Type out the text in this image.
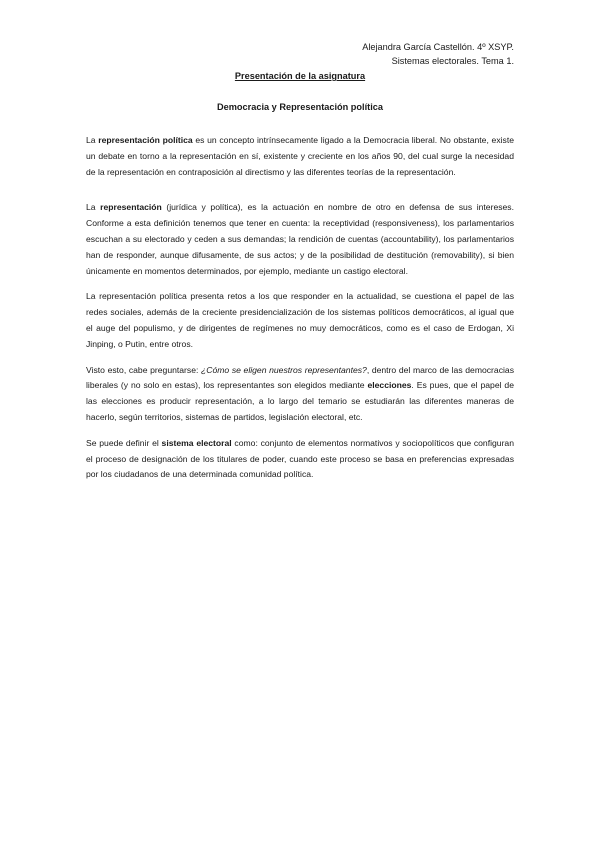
Alejandra García Castellón. 4º XSYP.
Sistemas electorales. Tema 1.
Presentación de la asignatura
Democracia y Representación política

La representación política es un concepto intrínsecamente ligado a la Democracia liberal. No obstante, existe un debate en torno a la representación en sí, existente y creciente en los años 90, del cual surge la necesidad de la representación en contraposición al directismo y las diferentes teorías de la representación.

La representación (jurídica y política), es la actuación en nombre de otro en defensa de sus intereses. Conforme a esta definición tenemos que tener en cuenta: la receptividad (responsiveness), los parlamentarios escuchan a su electorado y ceden a sus demandas; la rendición de cuentas (accountability), los parlamentarios han de responder, aunque difusamente, de sus actos; y de la posibilidad de destitución (removability), si bien únicamente en momentos determinados, por ejemplo, mediante un castigo electoral.

La representación política presenta retos a los que responder en la actualidad, se cuestiona el papel de las redes sociales, además de la creciente presidencialización de los sistemas políticos democráticos, al igual que el auge del populismo, y de dirigentes de regímenes no muy democráticos, como es el caso de Erdogan, Xi Jinping, o Putin, entre otros.

Visto esto, cabe preguntarse: ¿Cómo se eligen nuestros representantes?, dentro del marco de las democracias liberales (y no solo en estas), los representantes son elegidos mediante elecciones. Es pues, que el papel de las elecciones es producir representación, a lo largo del temario se estudiarán las diferentes maneras de hacerlo, según territorios, sistemas de partidos, legislación electoral, etc.

Se puede definir el sistema electoral como: conjunto de elementos normativos y sociopolíticos que configuran el proceso de designación de los titulares de poder, cuando este proceso se basa en preferencias expresadas por los ciudadanos de una determinada comunidad política.
